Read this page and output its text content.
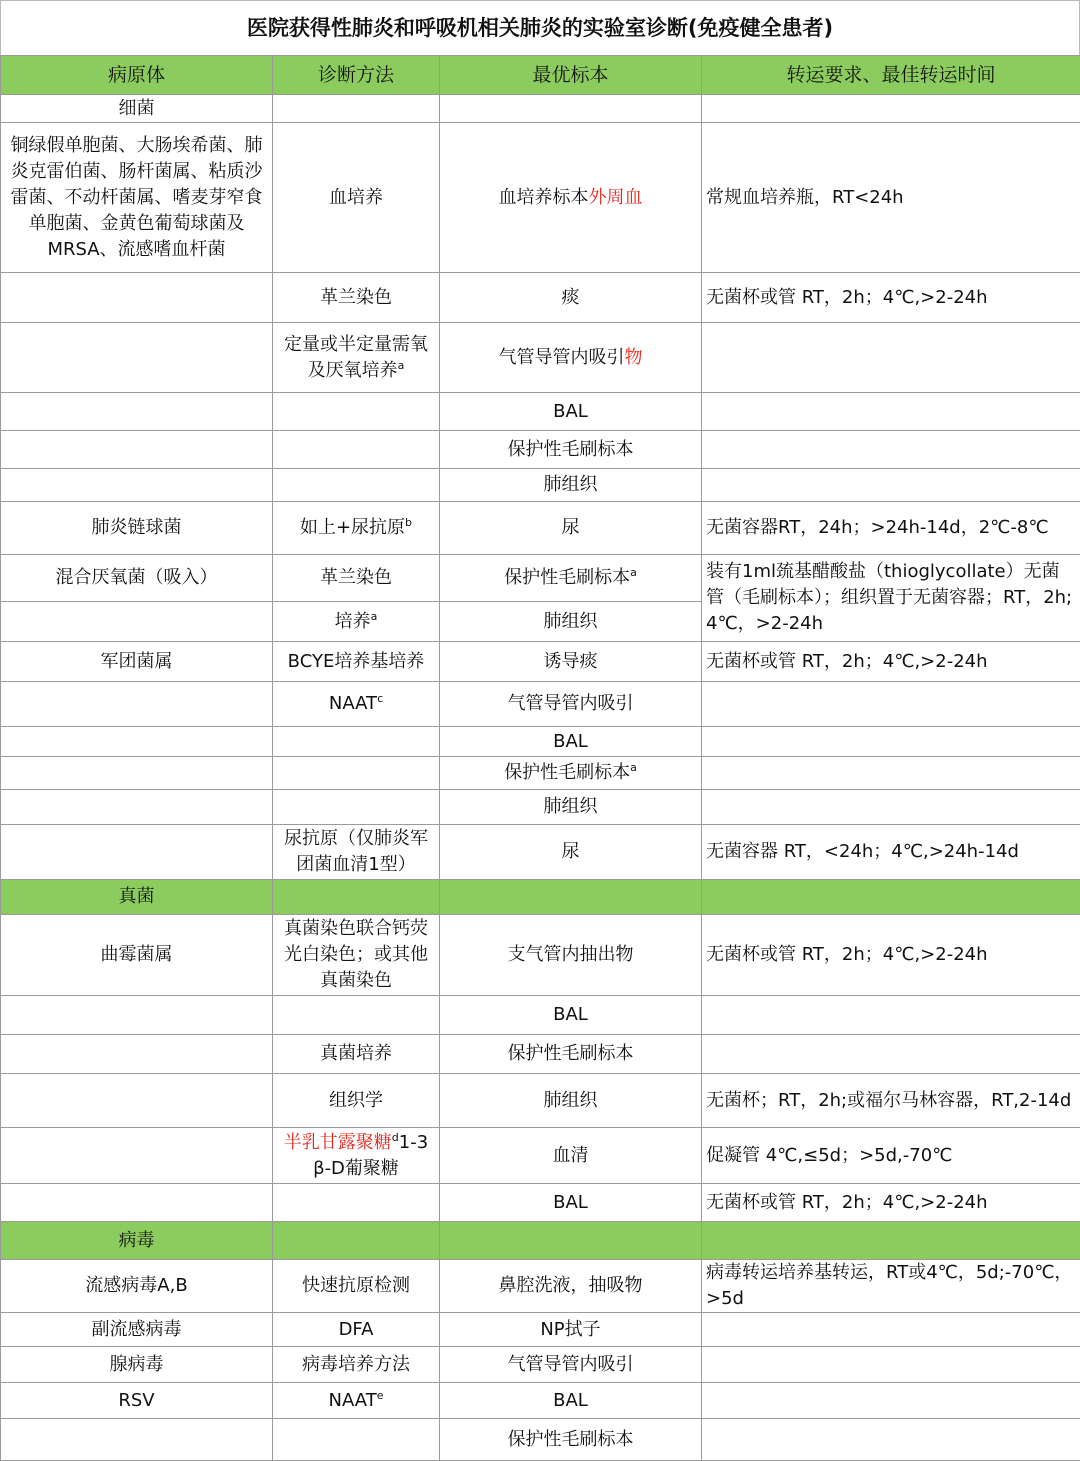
医院获得性肺炎和呼吸机相关肺炎的实验室诊断(免疫健全患者)
病原体	诊断方法	最优标本	转运要求、最佳转运时间
细菌			
铜绿假单胞菌、大肠埃希菌、肺炎克雷伯菌、肠杆菌属、粘质沙雷菌、不动杆菌属、嗜麦芽窄食单胞菌、金黄色葡萄球菌及MRSA、流感嗜血杆菌	血培养	血培养标本外周血	常规血培养瓶，RT<24h
	革兰染色	痰	无菌杯或管 RT，2h；4℃,>2-24h
	定量或半定量需氧及厌氧培养$^a$	气管导管内吸引物	
		BAL	
		保护性毛刷标本	
		肺组织	
肺炎链球菌	如上+尿抗原$^b$	尿	无菌容器RT，24h；>24h-14d，2℃-8℃
混合厌氧菌（吸入）	革兰染色	保护性毛刷标本$^a$	装有1ml巯基醋酸盐（thioglycollate）无菌管（毛刷标本）；组织置于无菌容器；RT，2h; 4℃，>2-24h
	培养$^a$	肺组织	
军团菌属	BCYE培养基培养	诱导痰	无菌杯或管 RT，2h；4℃,>2-24h
	NAAT$^c$	气管导管内吸引	
		BAL	
		保护性毛刷标本$^a$	
		肺组织	
	尿抗原（仅肺炎军团菌血清1型）	尿	无菌容器 RT，<24h；4℃,>24h-14d
真菌			
曲霉菌属	真菌染色联合钙荧光白染色；或其他真菌染色	支气管内抽出物	无菌杯或管 RT，2h；4℃,>2-24h
		BAL	
	真菌培养	保护性毛刷标本	
	组织学	肺组织	无菌杯；RT，2h;或福尔马林容器，RT,2-14d
	半乳甘露聚糖$^d$1-3 β-D葡聚糖	血清	促凝管 4℃,≤5d；>5d,-70℃
		BAL	无菌杯或管 RT，2h；4℃,>2-24h
病毒			
流感病毒A,B	快速抗原检测	鼻腔洗液，抽吸物	病毒转运培养基转运，RT或4℃，5d;-70℃，>5d
副流感病毒	DFA	NP拭子	
腺病毒	病毒培养方法	气管导管内吸引	
RSV	NAAT$^e$	BAL	
		保护性毛刷标本	
